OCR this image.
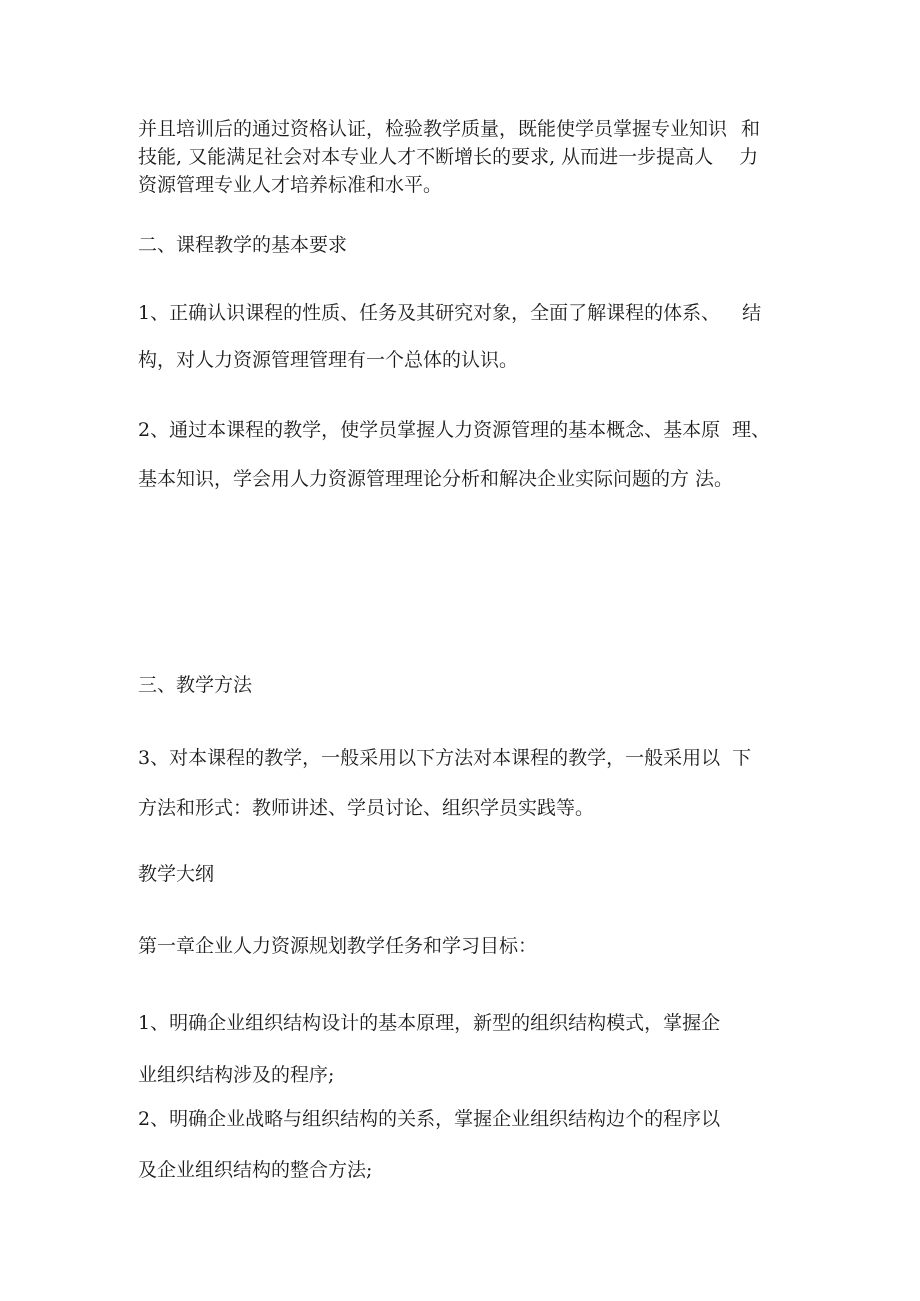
并且培训后的通过资格认证，检验教学质量，既能使学员掌握专业知识 和

技能, 又能满足社会对本专业人才不断增长的要求, 从而进一步提高人 力

资源管理专业人才培养标准和水平。

二、课程教学的基本要求

1、正确认识课程的性质、任务及其研究对象，全面了解课程的体系、 结

构，对人力资源管理管理有一个总体的认识。

2、通过本课程的教学，使学员掌握人力资源管理的基本概念、基本原 理、

基本知识，学会用人力资源管理理论分析和解决企业实际问题的方 法。

三、教学方法

3、对本课程的教学，一般采用以下方法对本课程的教学，一般采用以 下

方法和形式：教师讲述、学员讨论、组织学员实践等。

教学大纲

第一章企业人力资源规划教学任务和学习目标：

1、明确企业组织结构设计的基本原理，新型的组织结构模式，掌握企

业组织结构涉及的程序;

2、明确企业战略与组织结构的关系，掌握企业组织结构边个的程序以

及企业组织结构的整合方法;
